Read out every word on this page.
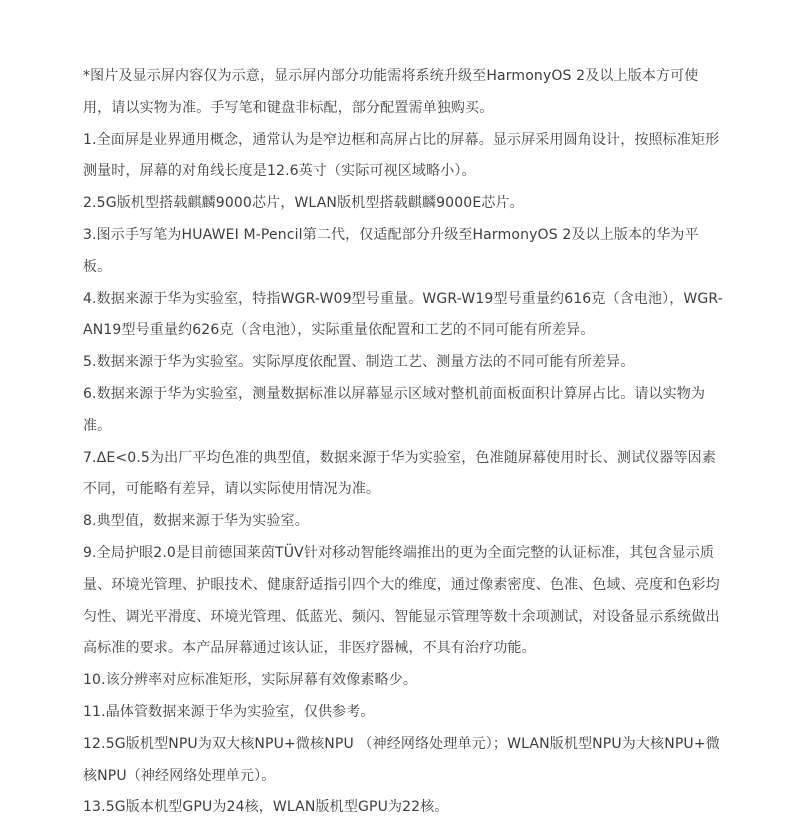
*图片及显示屏内容仅为示意，显示屏内部分功能需将系统升级至HarmonyOS 2及以上版本方可使用，请以实物为准。手写笔和键盘非标配，部分配置需单独购买。

1.全面屏是业界通用概念，通常认为是窄边框和高屏占比的屏幕。显示屏采用圆角设计，按照标准矩形测量时，屏幕的对角线长度是12.6英寸（实际可视区域略小）。

2.5G版机型搭载麒麟9000芯片，WLAN版机型搭载麒麟9000E芯片。

3.图示手写笔为HUAWEI M-Pencil第二代，仅适配部分升级至HarmonyOS 2及以上版本的华为平板。

4.数据来源于华为实验室，特指WGR-W09型号重量。WGR-W19型号重量约616克（含电池），WGR-AN19型号重量约626克（含电池），实际重量依配置和工艺的不同可能有所差异。

5.数据来源于华为实验室。实际厚度依配置、制造工艺、测量方法的不同可能有所差异。

6.数据来源于华为实验室，测量数据标准以屏幕显示区域对整机前面板面积计算屏占比。请以实物为准。

7.ΔE<0.5为出厂平均色准的典型值，数据来源于华为实验室，色准随屏幕使用时长、测试仪器等因素不同，可能略有差异，请以实际使用情况为准。

8.典型值，数据来源于华为实验室。

9.全局护眼2.0是目前德国莱茵TÜV针对移动智能终端推出的更为全面完整的认证标准，其包含显示质量、环境光管理、护眼技术、健康舒适指引四个大的维度，通过像素密度、色准、色域、亮度和色彩均匀性、调光平滑度、环境光管理、低蓝光、频闪、智能显示管理等数十余项测试，对设备显示系统做出高标准的要求。本产品屏幕通过该认证，非医疗器械，不具有治疗功能。

10.该分辨率对应标准矩形，实际屏幕有效像素略少。

11.晶体管数据来源于华为实验室，仅供参考。

12.5G版机型NPU为双大核NPU+微核NPU （神经网络处理单元）；WLAN版机型NPU为大核NPU+微核NPU（神经网络处理单元）。

13.5G版本机型GPU为24核，WLAN版机型GPU为22核。
